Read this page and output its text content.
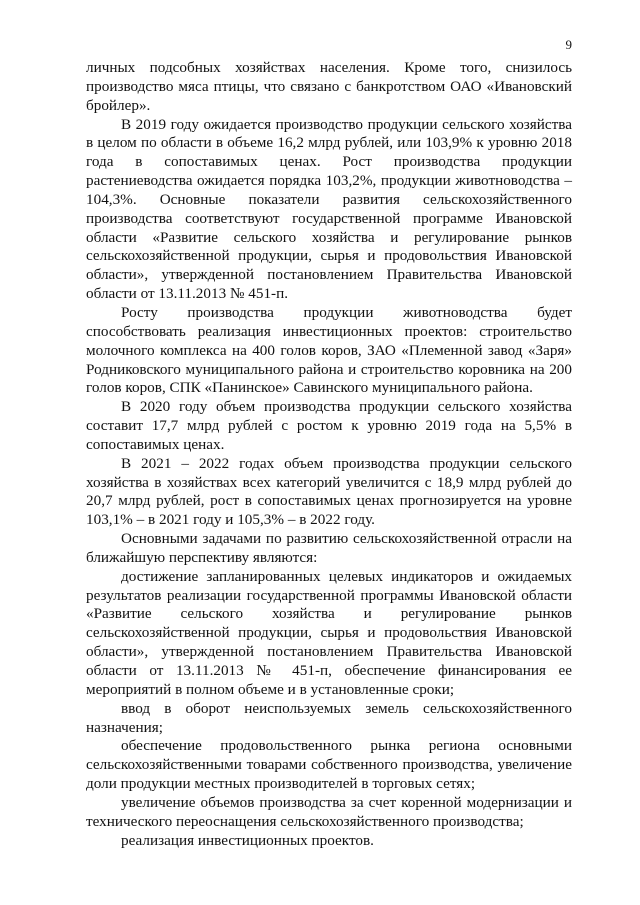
9

личных подсобных хозяйствах населения. Кроме того, снизилось производство мяса птицы, что связано с банкротством ОАО «Ивановский бройлер».

В 2019 году ожидается производство продукции сельского хозяйства в целом по области в объеме 16,2 млрд рублей, или 103,9% к уровню 2018 года в сопоставимых ценах. Рост производства продукции растениеводства ожидается порядка 103,2%, продукции животноводства – 104,3%. Основные показатели развития сельскохозяйственного производства соответствуют государственной программе Ивановской области «Развитие сельского хозяйства и регулирование рынков сельскохозяйственной продукции, сырья и продовольствия Ивановской области», утвержденной постановлением Правительства Ивановской области от 13.11.2013 № 451-п.

Росту производства продукции животноводства будет способствовать реализация инвестиционных проектов: строительство молочного комплекса на 400 голов коров, ЗАО «Племенной завод «Заря» Родниковского муниципального района и строительство коровника на 200 голов коров, СПК «Панинское» Савинского муниципального района.

В 2020 году объем производства продукции сельского хозяйства составит 17,7 млрд рублей с ростом к уровню 2019 года на 5,5% в сопоставимых ценах.

В 2021 – 2022 годах объем производства продукции сельского хозяйства в хозяйствах всех категорий увеличится с 18,9 млрд рублей до 20,7 млрд рублей, рост в сопоставимых ценах прогнозируется на уровне 103,1% – в 2021 году и 105,3% – в 2022 году.

Основными задачами по развитию сельскохозяйственной отрасли на ближайшую перспективу являются:

достижение запланированных целевых индикаторов и ожидаемых результатов реализации государственной программы Ивановской области «Развитие сельского хозяйства и регулирование рынков сельскохозяйственной продукции, сырья и продовольствия Ивановской области», утвержденной постановлением Правительства Ивановской области от 13.11.2013 № 451-п, обеспечение финансирования ее мероприятий в полном объеме и в установленные сроки;

ввод в оборот неиспользуемых земель сельскохозяйственного назначения;

обеспечение продовольственного рынка региона основными сельскохозяйственными товарами собственного производства, увеличение доли продукции местных производителей в торговых сетях;

увеличение объемов производства за счет коренной модернизации и технического переоснащения сельскохозяйственного производства;

реализация инвестиционных проектов.
